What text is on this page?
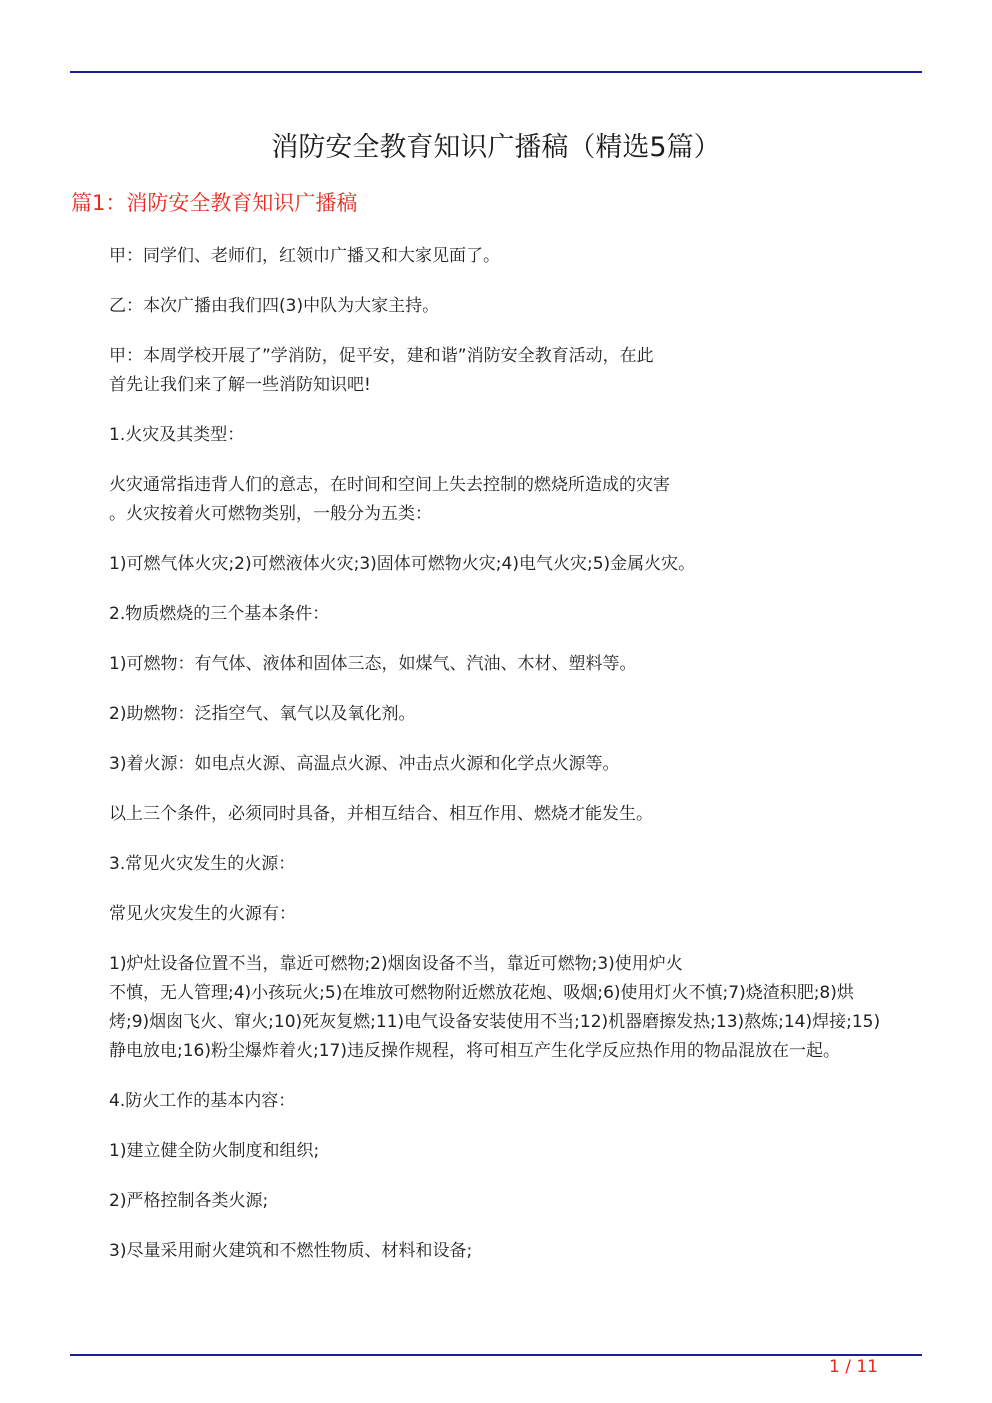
消防安全教育知识广播稿（精选5篇）
篇1：消防安全教育知识广播稿
甲：同学们、老师们，红领巾广播又和大家见面了。
乙：本次广播由我们四(3)中队为大家主持。
甲：本周学校开展了”学消防，促平安，建和谐”消防安全教育活动，在此
首先让我们来了解一些消防知识吧!
1.火灾及其类型：
火灾通常指违背人们的意志，在时间和空间上失去控制的燃烧所造成的灾害
。火灾按着火可燃物类别，一般分为五类：
1)可燃气体火灾;2)可燃液体火灾;3)固体可燃物火灾;4)电气火灾;5)金属火灾。
2.物质燃烧的三个基本条件：
1)可燃物：有气体、液体和固体三态，如煤气、汽油、木材、塑料等。
2)助燃物：泛指空气、氧气以及氧化剂。
3)着火源：如电点火源、高温点火源、冲击点火源和化学点火源等。
以上三个条件，必须同时具备，并相互结合、相互作用、燃烧才能发生。
3.常见火灾发生的火源：
常见火灾发生的火源有：
1)炉灶设备位置不当，靠近可燃物;2)烟囱设备不当，靠近可燃物;3)使用炉火
不慎，无人管理;4)小孩玩火;5)在堆放可燃物附近燃放花炮、吸烟;6)使用灯火不慎;7)烧渣积肥;8)烘
烤;9)烟囱飞火、窜火;10)死灰复燃;11)电气设备安装使用不当;12)机器磨擦发热;13)熬炼;14)焊接;15)
静电放电;16)粉尘爆炸着火;17)违反操作规程，将可相互产生化学反应热作用的物品混放在一起。
4.防火工作的基本内容：
1)建立健全防火制度和组织;
2)严格控制各类火源;
3)尽量采用耐火建筑和不燃性物质、材料和设备;
1 / 11
